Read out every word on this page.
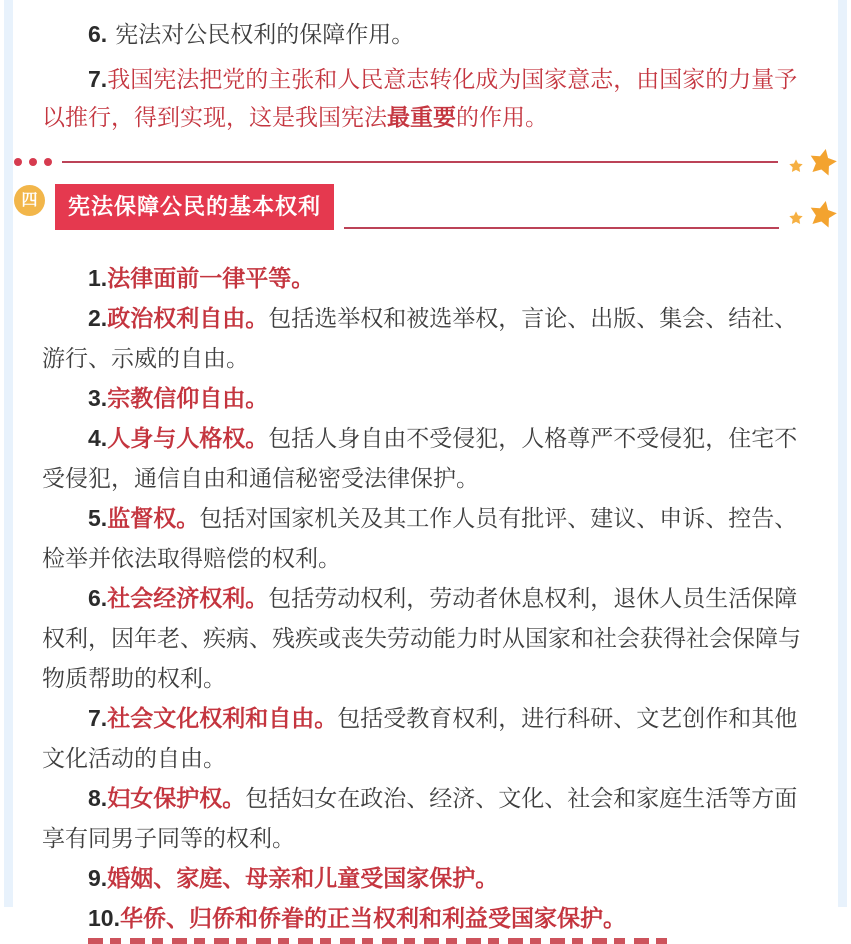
6. 宪法对公民权利的保障作用。

7.我国宪法把党的主张和人民意志转化成为国家意志，由国家的力量予以推行，得到实现，这是我国宪法最重要的作用。

四	宪法保障公民的基本权利

1.法律面前一律平等。

2.政治权利自由。包括选举权和被选举权，言论、出版、集会、结社、游行、示威的自由。

3.宗教信仰自由。

4.人身与人格权。包括人身自由不受侵犯，人格尊严不受侵犯，住宅不受侵犯，通信自由和通信秘密受法律保护。

5.监督权。包括对国家机关及其工作人员有批评、建议、申诉、控告、检举并依法取得赔偿的权利。

6.社会经济权利。包括劳动权利，劳动者休息权利，退休人员生活保障权利，因年老、疾病、残疾或丧失劳动能力时从国家和社会获得社会保障与物质帮助的权利。

7.社会文化权利和自由。包括受教育权利，进行科研、文艺创作和其他文化活动的自由。

8.妇女保护权。包括妇女在政治、经济、文化、社会和家庭生活等方面享有同男子同等的权利。

9.婚姻、家庭、母亲和儿童受国家保护。

10.华侨、归侨和侨眷的正当权利和利益受国家保护。
